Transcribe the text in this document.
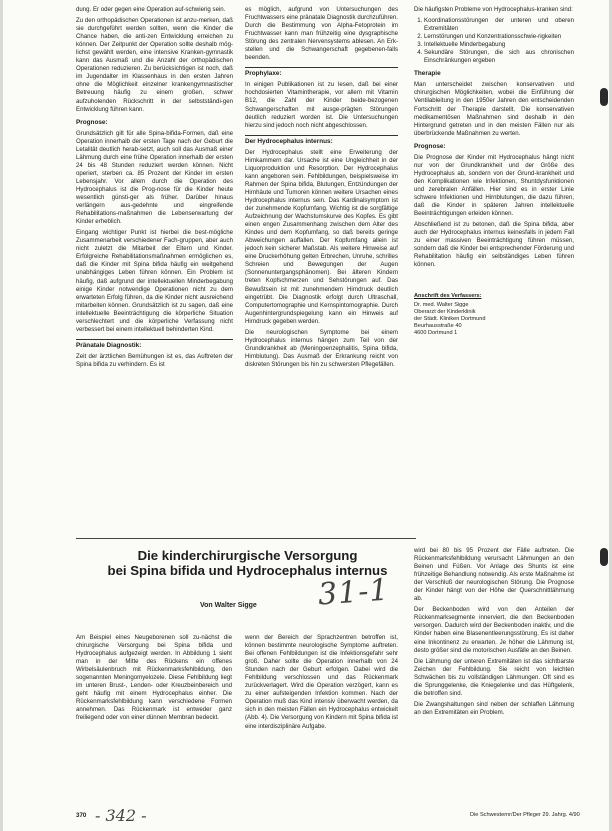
dung. Er oder gegen eine Operation auf-schwierig sein.

Zu den orthopädischen Operationen ist anzu-merken, daß sie durchgeführt werden sollten, wenn die Kinder die Chance haben, die anti-zen Entwicklung erreichen zu können. Der Zeitpunkt der Operation sollte deshalb mög-lichst gewählt werden, eine intensive Kranken-gymnastik kann das Ausmaß und die Anzahl der orthopädischen Operationen reduzieren. Zu berücksichtigen ist noch, daß im Jugendalter im Klassenhaus in den ersten Jahren ohne die Möglichkeit einzelner krankengymnastischer Betreuung häufig zu einem großen, schwer aufzuholenden Rückschritt in der selbstständi-gen Entwicklung führen kann.

Prognose:

Grundsätzlich gilt für alle Spina-bifida-Formen, daß eine Operation innerhalb der ersten Tage nach der Geburt die Letalität deutlich herab-setzt, auch soll das Ausmaß einer Lähmung durch eine frühe Operation innerhalb der ersten 24 bis 48 Stunden reduziert werden können. Nicht operiert, sterben ca. 85 Prozent der Kinder im ersten Lebensjahr. Vor allem durch die Operation des Hydrocephalus ist die Prog-nose für die Kinder heute wesentlich günsti-ger als früher. Darüber hinaus verlängern aus-gedehnte und eingreifende Rehabilitations-maßnahmen die Lebenserwartung der Kinder erheblich.

Eingang wichtiger Punkt ist hierbei die best-mögliche Zusammenarbeit verschiedener Fach-gruppen, aber auch nicht zuletzt die Mitarbeit der Eltern und Kinder. Erfolgreiche Rehabilitationsmaßnahmen ermöglichen es, daß die Kinder mit Spina bifida häufig ein weitgehend unabhängiges Leben führen können. Ein Problem ist häufig, daß aufgrund der intellektuellen Minderbegabung einige Kinder notwendige Operationen nicht zu dem erwarteten Erfolg führen, da die Kinder nicht ausreichend mitarbeiten können. Grundsätzlich ist zu sagen, daß eine intellektuelle Beeinträchtigung die körperliche Situation verschlechtert und die körperliche Verfassung nicht verbessert bei einem intellektuell behinderten Kind.

Pränatale Diagnostik:

Zeit der ärztlichen Bemühungen ist es, das Auftreten der Spina bifida zu verhindern. Es ist

es möglich, aufgrund von Untersuchungen des Fruchtwassers eine pränatale Diagnostik durchzuführen. Durch die Bestimmung von Alpha-Fetoprotein im Fruchtwasser kann man frühzeitig eine dysgraphische Störung des zentralen Nervensystems ablesen. An Erk-stellen und die Schwangerschaft gegebenen-falls beenden.

Prophylaxe:

In einigen Publikationen ist zu lesen, daß bei einer hochdosierten Vitamintherapie, vor allem mit Vitamin B12, die Zahl der Kinder beide-bezogenen Schwangerschaften mit ausge-prägten Störungen deutlich reduziert worden ist. Die Untersuchungen hierzu sind jedoch noch nicht abgeschlossen.

Der Hydrocephalus internus:

Der Hydrocephalus stellt eine Erweiterung der Hirnkammern dar. Ursache ist eine Ungleichheit in der Liquorproduktion und Resorption. Der Hydrocephalus kann angeboren sein. Fehlbildungen, beispielsweise im Rahmen der Spina bifida, Blutungen, Entzündungen der Hirnhäute und Tumoren können weitere Ursachen eines Hydrocephalus internus sein. Das Kardinalsymptom ist der zunehmende Kopfumfang. Wichtig ist die sorgfältige Aufzeichnung der Wachstumskurve des Kopfes. Es gibt einen engen Zusammenhang zwischen dem Alter des Kindes und dem Kopfumfang, so daß bereits geringe Abweichungen auffallen. Der Kopfumfang allein ist jedoch kein sicherer Maßstab. Als weitere Hinweise auf eine Druckerhöhung gelten Erbrechen, Unruhe, schrilles Schreien und Bewegungen der Augen (Sonnenuntergangsphänomen). Bei älteren Kindern treten Kopfschmerzen und Sehstörungen auf. Das Bewußtsein ist mit zunehmendem Hirndruck deutlich eingetrübt. Die Diagnostik erfolgt durch Ultraschall, Computertomographie und Kernspintomographie. Durch Augenhintergrundspiegelung kann ein Hinweis auf Hirndruck gegeben werden.

Die neurologischen Symptome bei einem Hydrocephalus internus hängen zum Teil von der Grundkrankheit ab (Meningoenzephalitis, Spina bifida, Hirnblutung). Das Ausmaß der Erkrankung reicht von diskreten Störungen bis hin zu schwersten Pflegefällen.

Die häufigsten Probleme von Hydrocephalus-kranken sind:

1. Koordinationsstörungen der unteren und oberen Extremitäten
2. Lernstörungen und Konzentrationsschwie-rigkeiten
3. Intellektuelle Minderbegabung
4. Sekundäre Störungen, die sich aus chronischen Einschränkungen ergeben
Therapie

Man unterscheidet zwischen konservativen und chirurgischen Möglichkeiten, wobei die Einführung der Ventilableitung in den 1950er Jahren den entscheidenden Fortschritt der Therapie darstellt. Die konservativen medikamentösen Maßnahmen sind deshalb in den Hintergrund getreten und in den meisten Fällen nur als überbrückende Maßnahmen zu werten.

Prognose:

Die Prognose der Kinder mit Hydrocephalus hängt nicht nur von der Grundkrankheit und der Größe des Hydrocephalus ab, sondern von der Grund-krankheit und den Komplikationen wie Infektionen, Shuntdysfunktionen und zerebralen Anfällen. Hier sind es in erster Linie schwere Infektionen und Hirnblutungen, die dazu führen, daß die Kinder in späteren Jahren intellektuelle Beeinträchtigungen erleiden können.

Abschließend ist zu betonen, daß die Spina bifida, aber auch der Hydrocephalus internus keinesfalls in jedem Fall zu einer massiven Beeinträchtigung führen müssen, sondern daß die Kinder bei entsprechender Förderung und Rehabilitation häufig ein selbständiges Leben führen können.

Anschrift des Verfassers:
Dr. med. Walter Sigge
Oberarzt der Kinderklinik
der Städt. Kliniken Dortmund
Beurhausstraße 40
4600 Dortmund 1

Die kinderchirurgische Versorgung

bei Spina bifida und Hydrocephalus internus

Von Walter Sigge	31-1

Am Beispiel eines Neugeborenen soll zu-nächst die chirurgische Versorgung bei Spina bifida und Hydrocephalus aufgezeigt werden. In Abbildung 1 sieht man in der Mitte des Rückens ein offenes Wirbelsäulenbruch mit Rückenmarksfehlbildung, den sogenannten Meningomyelozele. Diese Fehlbildung liegt im unteren Brust-, Lenden- oder Kreuzbeinbereich und geht häufig mit einem Hydrocephalus einher. Die Rückenmarksfehlbildung kann verschiedene Formen annehmen. Das Rückenmark ist entweder ganz freiliegend oder von einer dünnen Membran bedeckt.

wenn der Bereich der Sprachzentren betroffen ist, können bestimmte neurologische Symptome auftreten. Bei offenen Fehlbildungen ist die Infektionsgefahr sehr groß. Daher sollte die Operation innerhalb von 24 Stunden nach der Geburt erfolgen. Dabei wird die Fehlbildung verschlossen und das Rückenmark zurückverlagert. Wird die Operation verzögert, kann es zu einer aufsteigenden Infektion kommen. Nach der Operation muß das Kind intensiv überwacht werden, da sich in den meisten Fällen ein Hydrocephalus entwickelt (Abb. 4). Die Versorgung von Kindern mit Spina bifida ist eine interdisziplinäre Aufgabe.

wird bei 80 bis 95 Prozent der Fälle auftreten. Die Rückenmarksfehlbildung verursacht Lähmungen an den Beinen und Füßen. Vor Anlage des Shunts ist eine frühzeitige Behandlung notwendig. Als erste Maßnahme ist der Verschluß der neurologischen Störung. Die Prognose der Kinder hängt von der Höhe der Querschnittlähmung ab.

Der Beckenboden wird von den Anteilen der Rückenmarksegmente innerviert, die den Beckenboden versorgen. Dadurch wird der Beckenboden inaktiv, und die Kinder haben eine Blasenentleerungsstörung. Es ist daher eine Inkontinenz zu erwarten. Je höher die Lähmung ist, desto größer sind die motorischen Ausfälle an den Beinen.

Die Lähmung der unteren Extremitäten ist das sichtbarste Zeichen der Fehlbildung. Sie reicht von leichten Schwächen bis zu vollständigen Lähmungen. Oft sind es die Sprunggelenke, die Kniegelenke und das Hüftgelenk, die betroffen sind.

Die Zwangshaltungen sind neben der schlaffen Lähmung an den Extremitäten ein Problem.

370 - 342 -	Die Schwesternr/Der Pfleger 29. Jahrg. 4/90
